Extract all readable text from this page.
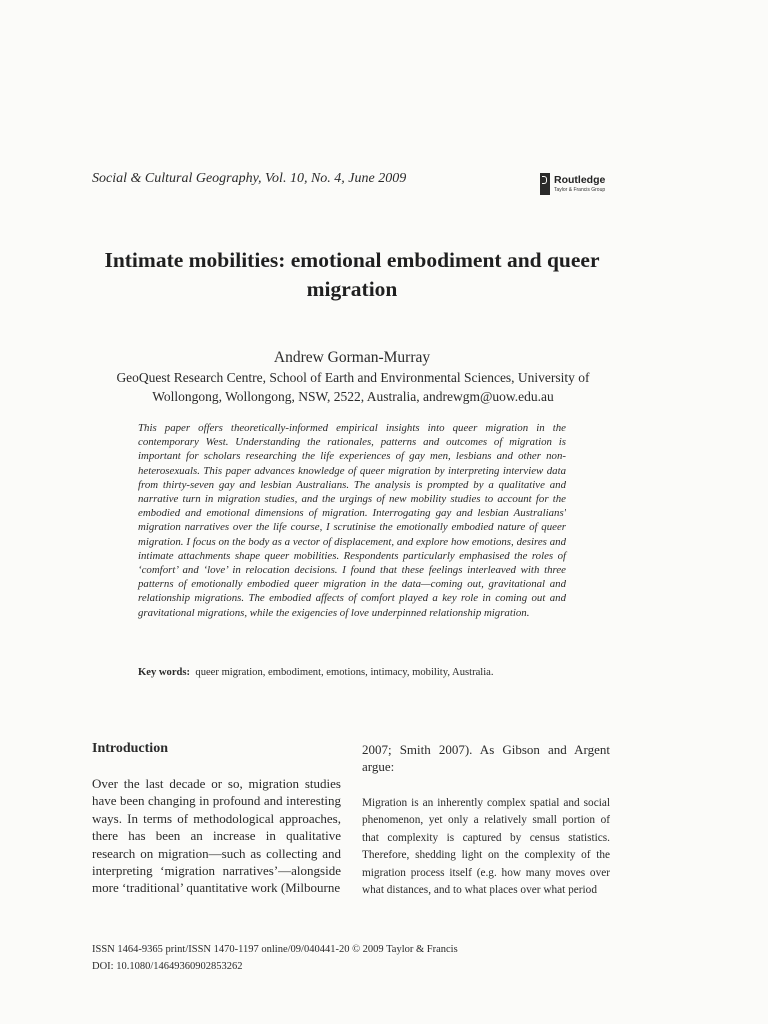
Social & Cultural Geography, Vol. 10, No. 4, June 2009	Routledge
Taylor & Francis Group
Intimate mobilities: emotional embodiment and queer migration
Andrew Gorman-Murray
GeoQuest Research Centre, School of Earth and Environmental Sciences, University of Wollongong, Wollongong, NSW, 2522, Australia, andrewgm@uow.edu.au
This paper offers theoretically-informed empirical insights into queer migration in the contemporary West. Understanding the rationales, patterns and outcomes of migration is important for scholars researching the life experiences of gay men, lesbians and other non-heterosexuals. This paper advances knowledge of queer migration by interpreting interview data from thirty-seven gay and lesbian Australians. The analysis is prompted by a qualitative and narrative turn in migration studies, and the urgings of new mobility studies to account for the embodied and emotional dimensions of migration. Interrogating gay and lesbian Australians' migration narratives over the life course, I scrutinise the emotionally embodied nature of queer migration. I focus on the body as a vector of displacement, and explore how emotions, desires and intimate attachments shape queer mobilities. Respondents particularly emphasised the roles of ‘comfort’ and ‘love’ in relocation decisions. I found that these feelings interleaved with three patterns of emotionally embodied queer migration in the data—coming out, gravitational and relationship migrations. The embodied affects of comfort played a key role in coming out and gravitational migrations, while the exigencies of love underpinned relationship migration.
Key words: queer migration, embodiment, emotions, intimacy, mobility, Australia.
Introduction
Over the last decade or so, migration studies have been changing in profound and interesting ways. In terms of methodological approaches, there has been an increase in qualitative research on migration—such as collecting and interpreting ‘migration narratives’—alongside more ‘traditional’ quantitative work (Milbourne
2007; Smith 2007). As Gibson and Argent argue:
Migration is an inherently complex spatial and social phenomenon, yet only a relatively small portion of that complexity is captured by census statistics. Therefore, shedding light on the complexity of the migration process itself (e.g. how many moves over what distances, and to what places over what period
ISSN 1464-9365 print/ISSN 1470-1197 online/09/040441-20 © 2009 Taylor & Francis
DOI: 10.1080/14649360902853262
